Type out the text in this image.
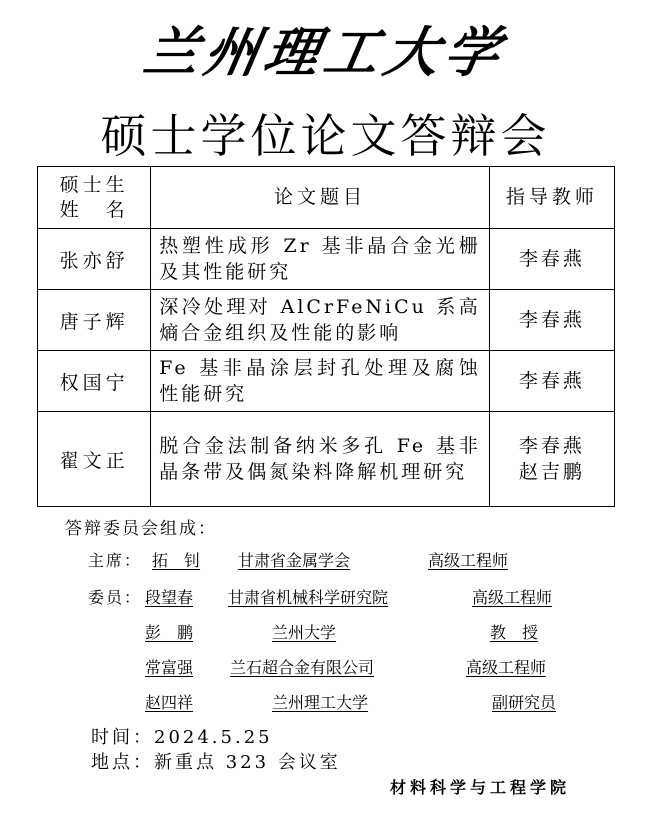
兰州理工大学
硕士学位论文答辩会
硕士生
姓　名	论文题目	指导教师
张亦舒	热塑性成形 Zr 基非晶合金光栅及其性能研究	李春燕

唐子辉	深冷处理对 AlCrFeNiCu 系高熵合金组织及性能的影响	李春燕

权国宁	Fe 基非晶涂层封孔处理及腐蚀性能研究	李春燕

翟文正	脱合金法制备纳米多孔 Fe 基非晶条带及偶氮染料降解机理研究	李春燕
赵吉鹏
答辩委员会组成：
主席： 拓　钊 甘肃省金属学会	高级工程师
委员： 段望春 甘肃省机械科学研究院	高级工程师
彭　鹏	兰州大学	教　授
常富强 兰石超合金有限公司	高级工程师
赵四祥	兰州理工大学	副研究员
时间：2024.5.25
地点：新重点 323 会议室
材料科学与工程学院
